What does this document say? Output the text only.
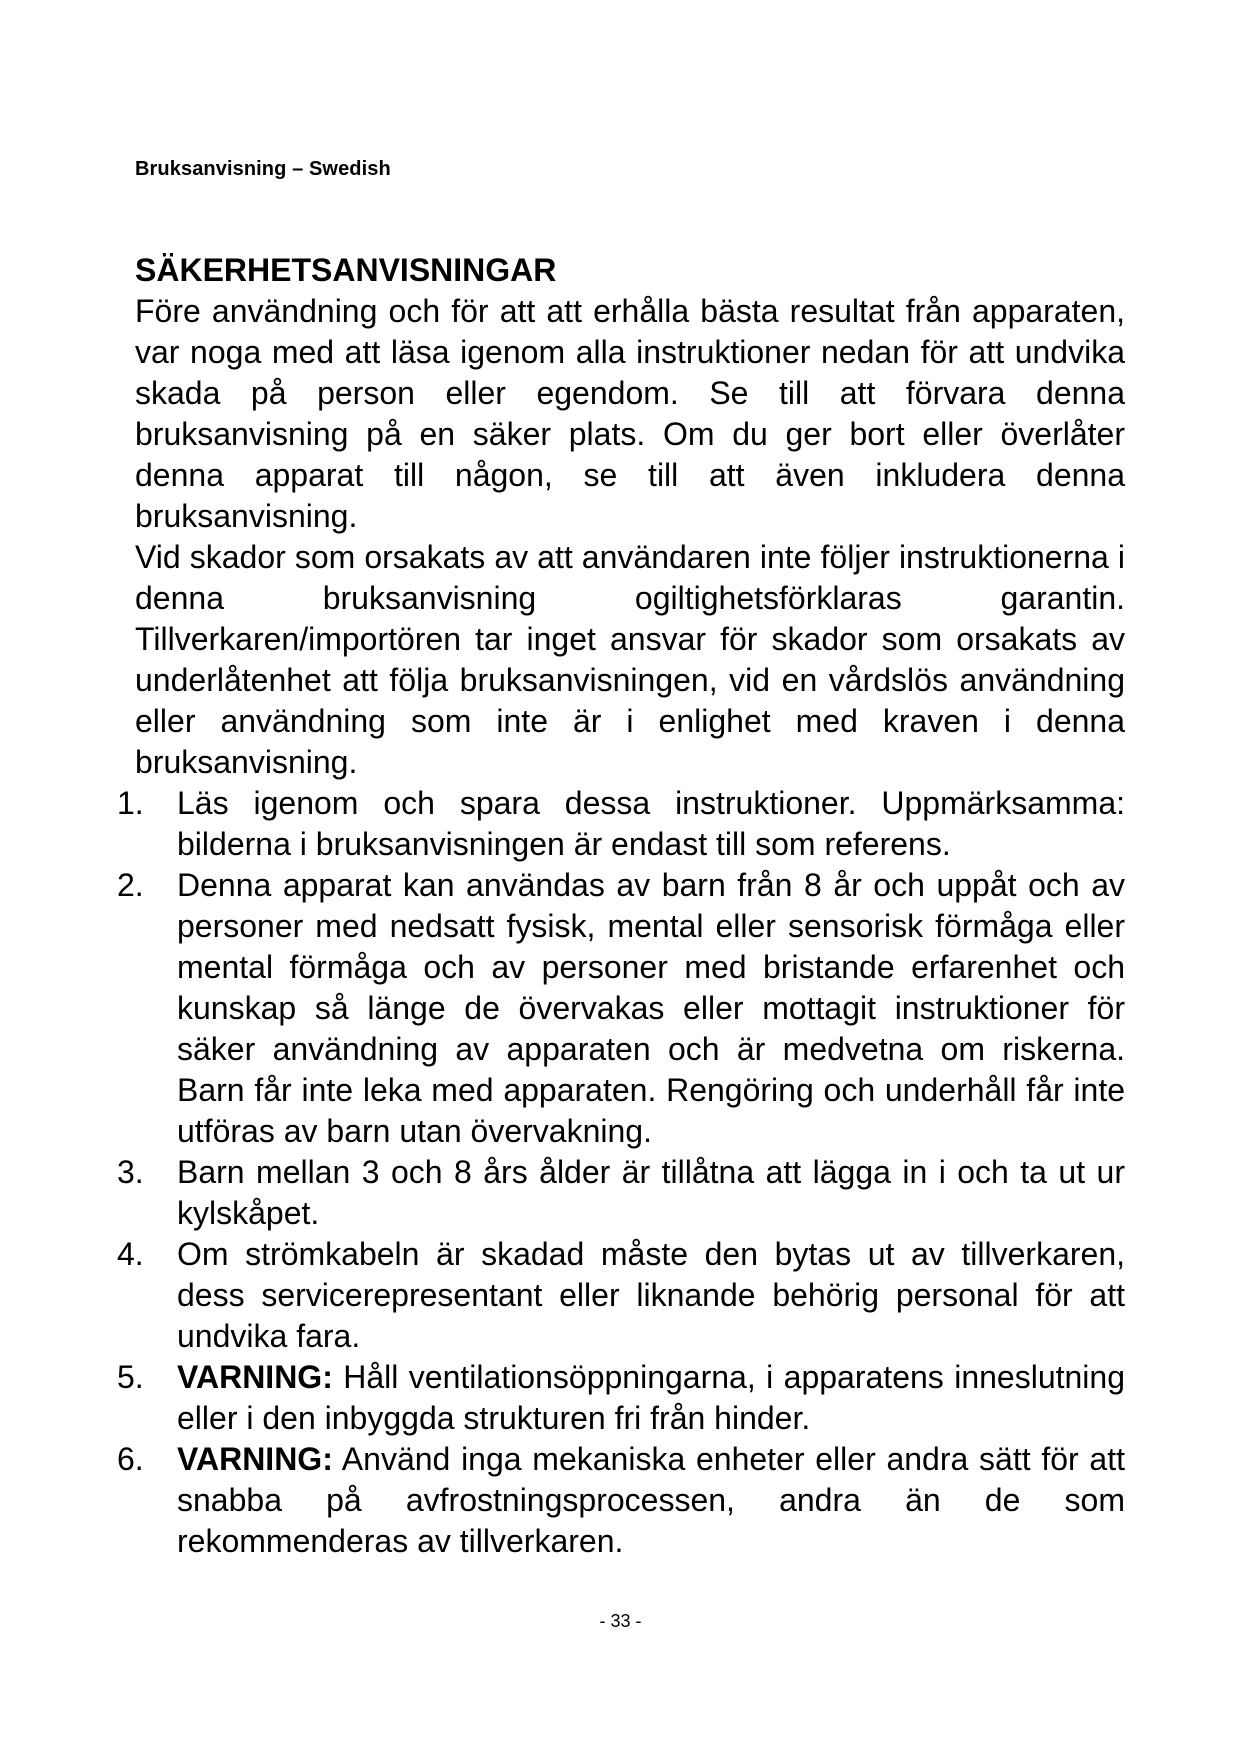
Bruksanvisning – Swedish
SÄKERHETSANVISNINGAR

Före användning och för att att erhålla bästa resultat från apparaten, var noga med att läsa igenom alla instruktioner nedan för att undvika skada på person eller egendom. Se till att förvara denna bruksanvisning på en säker plats. Om du ger bort eller överlåter denna apparat till någon, se till att även inkludera denna bruksanvisning.

Vid skador som orsakats av att användaren inte följer instruktionerna i denna bruksanvisning ogiltighetsförklaras garantin. Tillverkaren/importören tar inget ansvar för skador som orsakats av underlåtenhet att följa bruksanvisningen, vid en vårdslös användning eller användning som inte är i enlighet med kraven i denna bruksanvisning.

1.	Läs igenom och spara dessa instruktioner. Uppmärksamma: bilderna i bruksanvisningen är endast till som referens.
2.	Denna apparat kan användas av barn från 8 år och uppåt och av personer med nedsatt fysisk, mental eller sensorisk förmåga eller mental förmåga och av personer med bristande erfarenhet och kunskap så länge de övervakas eller mottagit instruktioner för säker användning av apparaten och är medvetna om riskerna. Barn får inte leka med apparaten. Rengöring och underhåll får inte utföras av barn utan övervakning.
3.	Barn mellan 3 och 8 års ålder är tillåtna att lägga in i och ta ut ur kylskåpet.
4.	Om strömkabeln är skadad måste den bytas ut av tillverkaren, dess servicerepresentant eller liknande behörig personal för att undvika fara.
5.	VARNING: Håll ventilationsöppningarna, i apparatens inneslutning eller i den inbyggda strukturen fri från hinder.
6.	VARNING: Använd inga mekaniska enheter eller andra sätt för att snabba på avfrostningsprocessen, andra än de som rekommenderas av tillverkaren.
- 33 -
